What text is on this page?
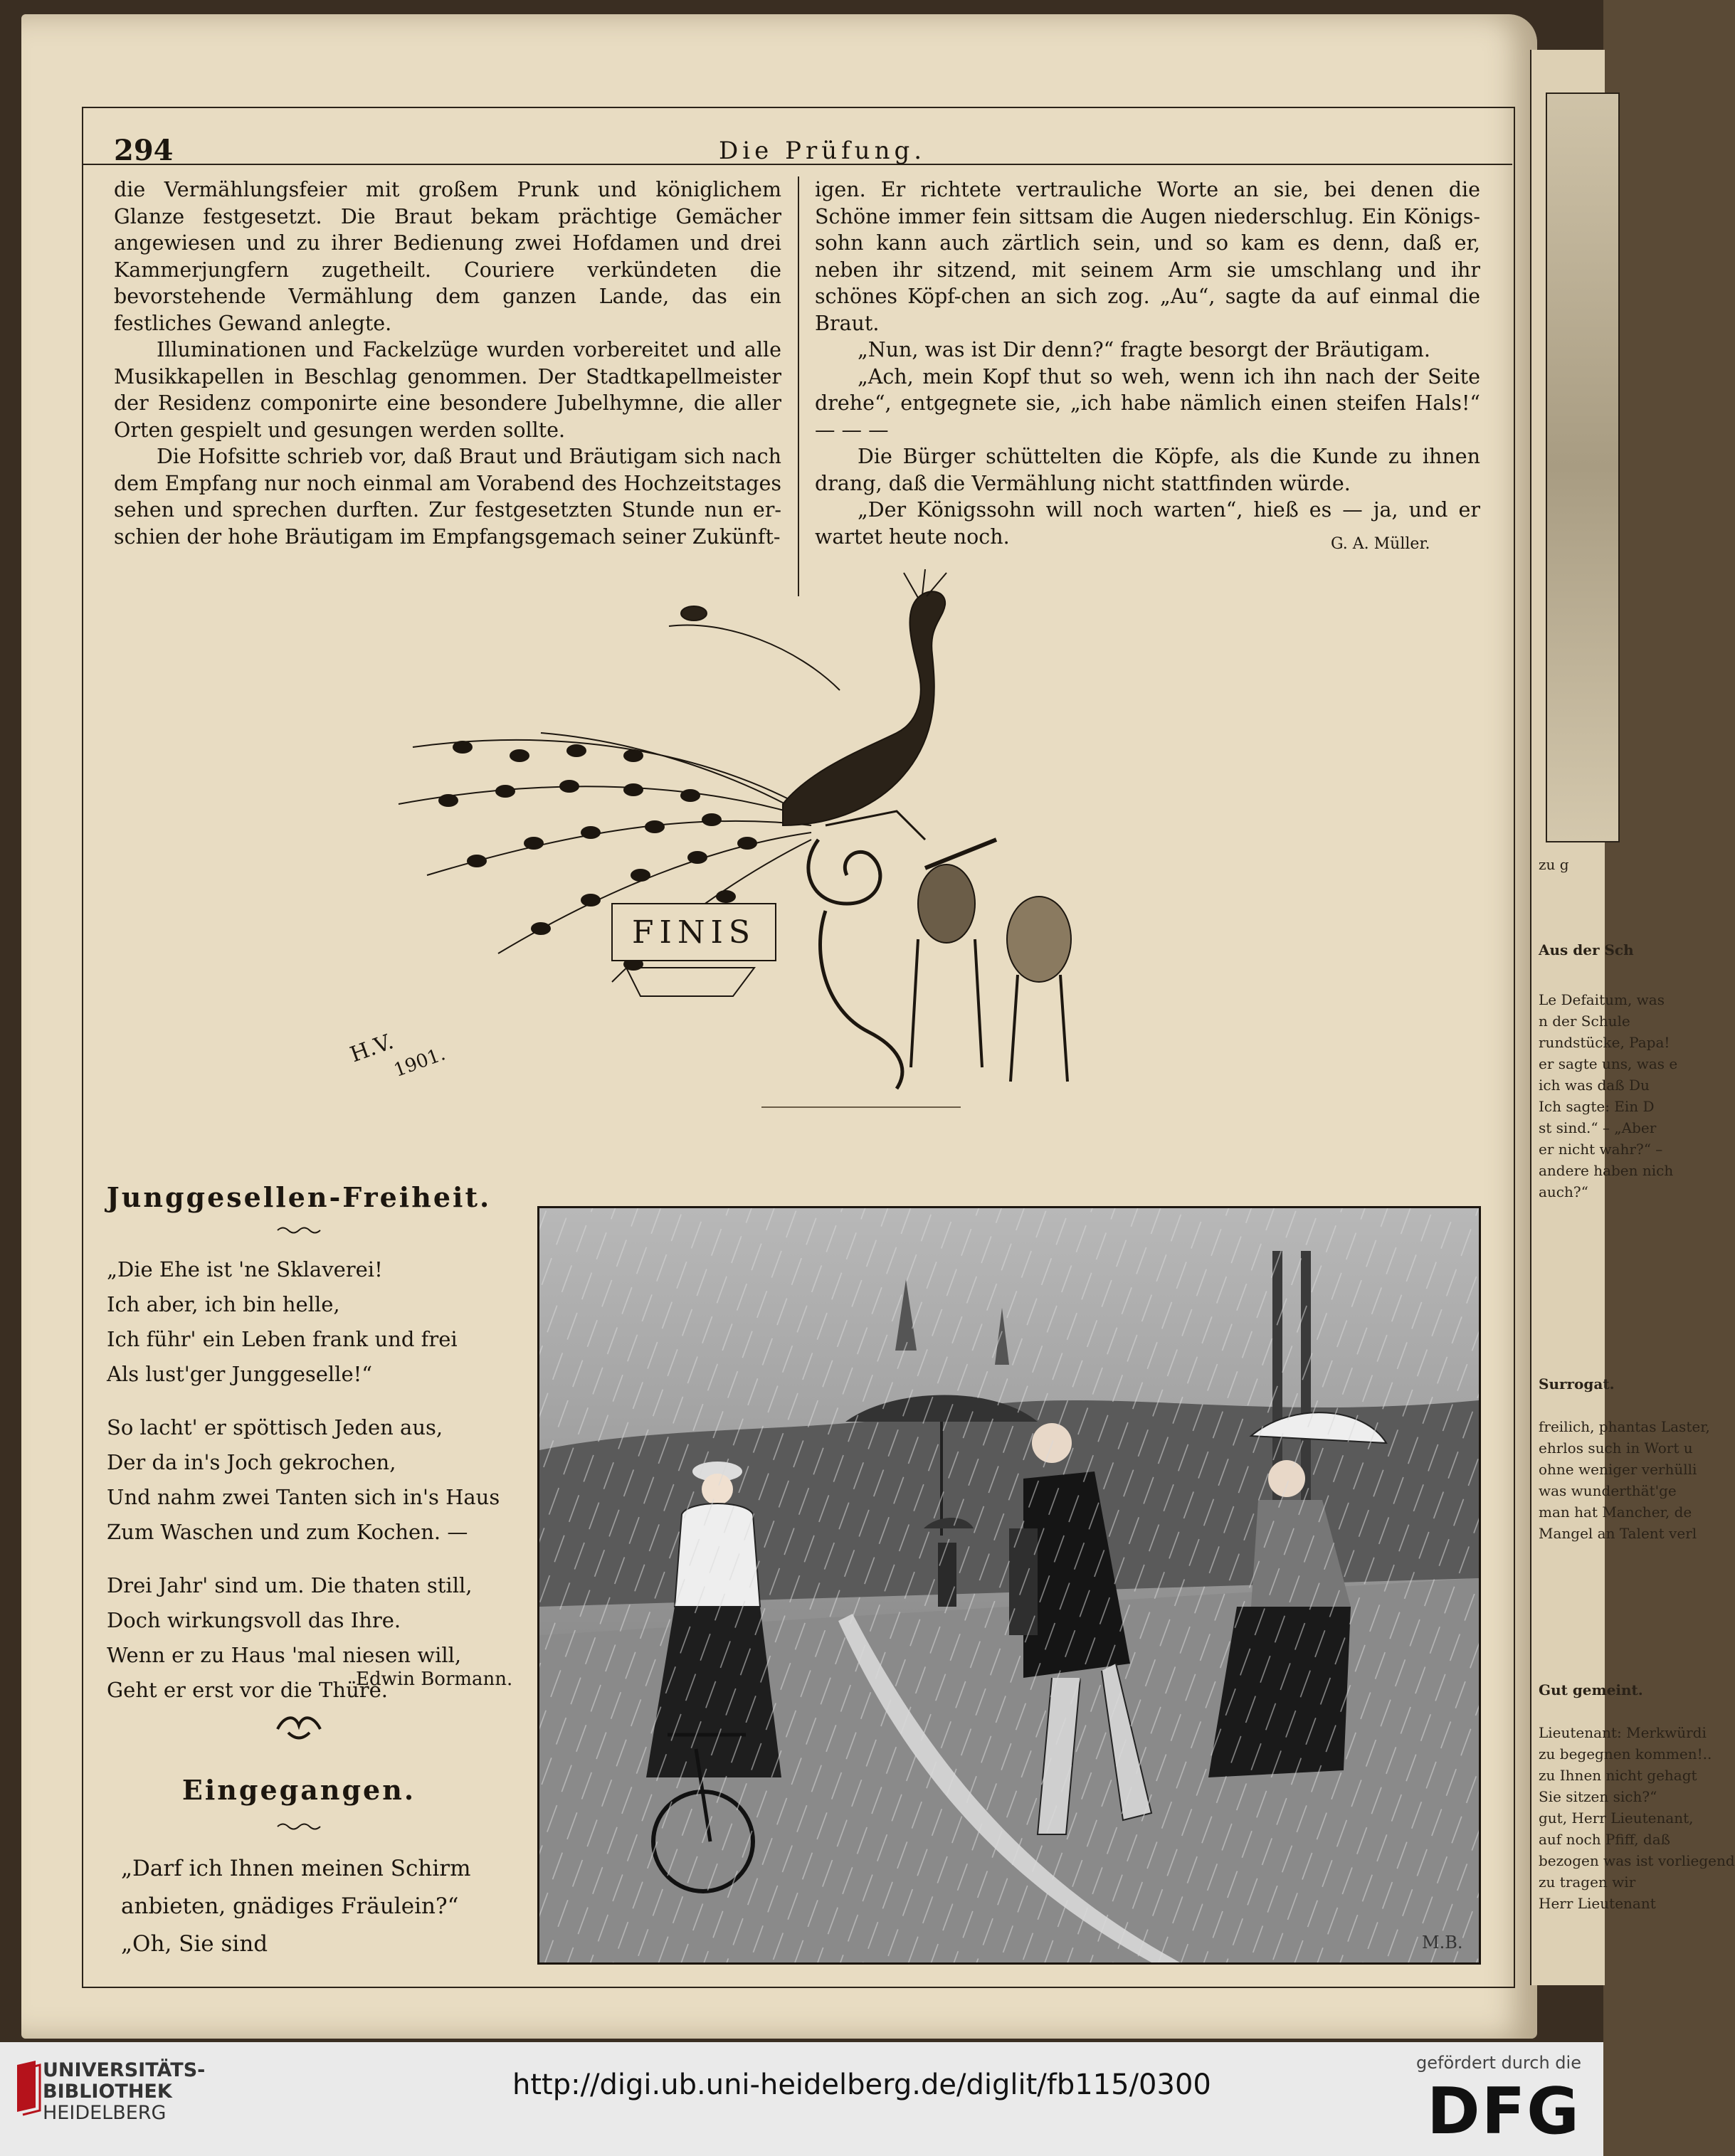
zu g
Aus der Sch
Le Defaitum, was
n der Schule
rundstücke, Papa!
er sagte uns, was e
ich was daß Du
Ich sagte: Ein D
st sind.“ – „Aber
er nicht wahr?“ –
andere haben nich
auch?“
Surrogat.
freilich, phantas Laster,
ehrlos such in Wort u
ohne weniger verhülli
was wunderthät'ge
man hat Mancher, de
Mangel an Talent verl
Gut gemeint.
Lieutenant: Merkwürdi
zu begegnen kommen!..
zu Ihnen nicht gehagt
Sie sitzen sich?“
gut, Herr Lieutenant,
auf noch Pfiff, daß
bezogen was ist vorliegend
zu tragen wir
Herr Lieutenant
294	Die Prüfung.

die Vermählungsfeier mit großem Prunk und königlichem Glanze festgesetzt. Die Braut bekam prächtige Gemächer angewiesen und zu ihrer Bedienung zwei Hofdamen und drei Kammerjungfern zugetheilt. Couriere verkündeten die bevorstehende Vermählung dem ganzen Lande, das ein festliches Gewand anlegte.

Illuminationen und Fackelzüge wurden vorbereitet und alle Musikkapellen in Beschlag genommen. Der Stadtkapellmeister der Residenz componirte eine besondere Jubelhymne, die aller Orten gespielt und gesungen werden sollte.

Die Hofsitte schrieb vor, daß Braut und Bräutigam sich nach dem Empfang nur noch einmal am Vorabend des Hochzeitstages sehen und sprechen durften. Zur festgesetzten Stunde nun er-schien der hohe Bräutigam im Empfangsgemach seiner Zukünft-

igen. Er richtete vertrauliche Worte an sie, bei denen die Schöne immer fein sittsam die Augen niederschlug. Ein Königs-sohn kann auch zärtlich sein, und so kam es denn, daß er, neben ihr sitzend, mit seinem Arm sie umschlang und ihr schönes Köpf-chen an sich zog. „Au“, sagte da auf einmal die Braut.

„Nun, was ist Dir denn?“ fragte besorgt der Bräutigam.

„Ach, mein Kopf thut so weh, wenn ich ihn nach der Seite drehe“, entgegnete sie, „ich habe nämlich einen steifen Hals!“ — — —

Die Bürger schüttelten die Köpfe, als die Kunde zu ihnen drang, daß die Vermählung nicht stattfinden würde.

„Der Königssohn will noch warten“, hieß es — ja, und er wartet heute noch.	G. A. Müller.
FINIS
H.V.
1901.
Junggesellen-Freiheit.
„Die Ehe ist 'ne Sklaverei!
Ich aber, ich bin helle,
Ich führ' ein Leben frank und frei
Als lust'ger Junggeselle!“
So lacht' er spöttisch Jeden aus,
Der da in's Joch gekrochen,
Und nahm zwei Tanten sich in's Haus
Zum Waschen und zum Kochen. —
Drei Jahr' sind um. Die thaten still,
Doch wirkungsvoll das Ihre.
Wenn er zu Haus 'mal niesen will,
Geht er erst vor die Thüre.
Edwin Bormann.
Eingegangen.
„Darf ich Ihnen meinen Schirm
anbieten, gnädiges Fräulein?“
„Oh, Sie sind	M.B.
UNIVERSITÄTS-
BIBLIOTHEK
HEIDELBERG
http://digi.ub.uni-heidelberg.de/diglit/fb115/0300
gefördert durch die
DFG
